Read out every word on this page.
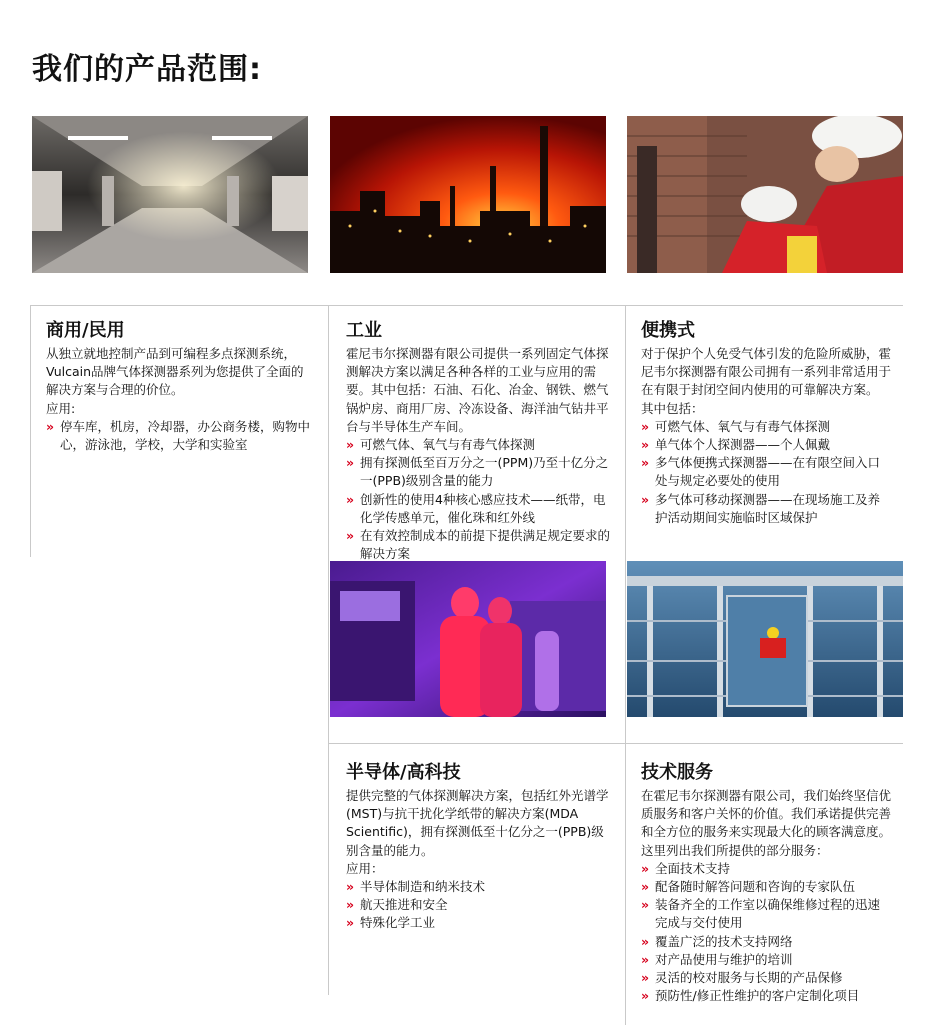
我们的产品范围:
商用/民用

从独立就地控制产品到可编程多点探测系统，Vulcain品牌气体探测器系列为您提供了全面的解决方案与合理的价位。

应用:

» 停车库，机房，冷却器，办公商务楼，购物中心，游泳池，学校，大学和实验室
工业

霍尼韦尔探测器有限公司提供一系列固定气体探测解决方案以满足各种各样的工业与应用的需要。其中包括：石油、石化、冶金、钢铁、燃气锅炉房、商用厂房、冷冻设备、海洋油气钻井平台与半导体生产车间。

» 可燃气体、氧气与有毒气体探测
» 拥有探测低至百万分之一(PPM)乃至十亿分之一(PPB)级别含量的能力
» 创新性的使用4种核心感应技术——纸带，电化学传感单元，催化珠和红外线
» 在有效控制成本的前提下提供满足规定要求的解决方案
便携式

对于保护个人免受气体引发的危险所威胁，霍尼韦尔探测器有限公司拥有一系列非常适用于在有限于封闭空间内使用的可靠解决方案。

其中包括：

» 可燃气体、氧气与有毒气体探测
» 单气体个人探测器——个人佩戴
» 多气体便携式探测器——在有限空间入口处与规定必要处的使用
» 多气体可移动探测器——在现场施工及养护活动期间实施临时区域保护
半导体/高科技

提供完整的气体探测解决方案，包括红外光谱学(MST)与抗干扰化学纸带的解决方案(MDA Scientific)，拥有探测低至十亿分之一(PPB)级别含量的能力。

应用：

» 半导体制造和纳米技术
» 航天推进和安全
» 特殊化学工业
技术服务

在霍尼韦尔探测器有限公司，我们始终坚信优质服务和客户关怀的价值。我们承诺提供完善和全方位的服务来实现最大化的顾客满意度。

这里列出我们所提供的部分服务：

» 全面技术支持
» 配备随时解答问题和咨询的专家队伍
» 装备齐全的工作室以确保维修过程的迅速完成与交付使用
» 覆盖广泛的技术支持网络
» 对产品使用与维护的培训
» 灵活的校对服务与长期的产品保修
» 预防性/修正性维护的客户定制化项目
